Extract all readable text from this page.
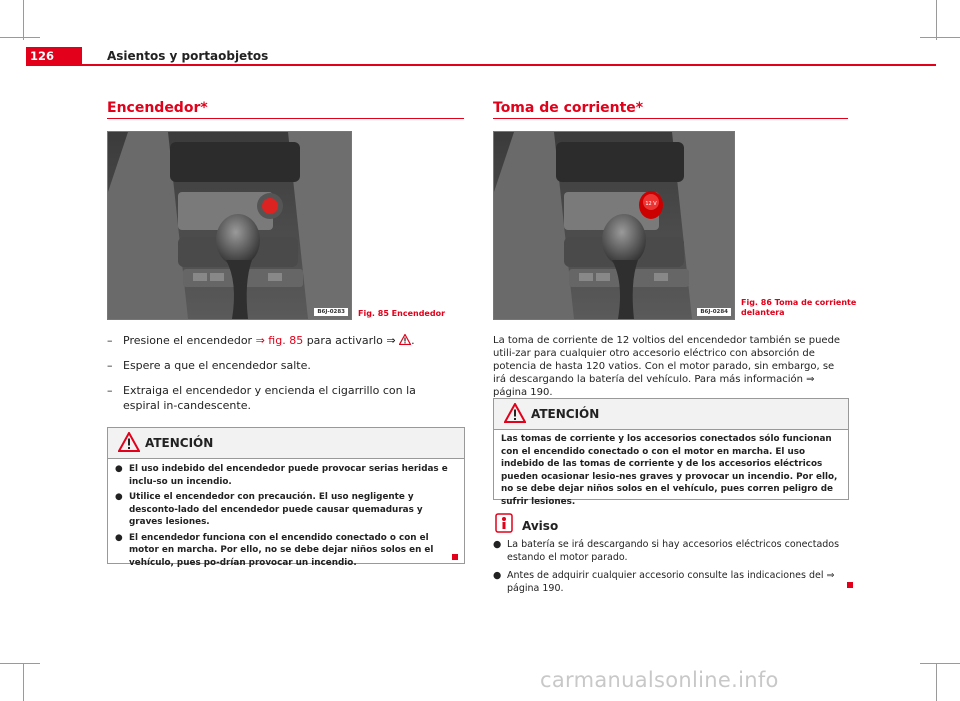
126	Asientos y portaobjetos
Encendedor*
B6J-0283	Fig. 85 Encendedor
– Presione el encendedor ⇒ fig. 85 para activarlo ⇒ .
– Espere a que el encendedor salte.
– Extraiga el encendedor y encienda el cigarrillo con la espiral in-candescente.
ATENCIÓN
● El uso indebido del encendedor puede provocar serias heridas e inclu-so un incendio.
● Utilice el encendedor con precaución. El uso negligente y desconto-lado del encendedor puede causar quemaduras y graves lesiones.
● El encendedor funciona con el encendido conectado o con el motor en marcha. Por ello, no se debe dejar niños solos en el vehículo, pues po-drían provocar un incendio.
Toma de corriente*
12 V
B6J-0284
Fig. 86 Toma de corriente
delantera
La toma de corriente de 12 voltios del encendedor también se puede utili-zar para cualquier otro accesorio eléctrico con absorción de potencia de hasta 120 vatios. Con el motor parado, sin embargo, se irá descargando la batería del vehículo. Para más información ⇒ página 190.
ATENCIÓN
Las tomas de corriente y los accesorios conectados sólo funcionan con el encendido conectado o con el motor en marcha. El uso indebido de las tomas de corriente y de los accesorios eléctricos pueden ocasionar lesio-nes graves y provocar un incendio. Por ello, no se debe dejar niños solos en el vehículo, pues corren peligro de sufrir lesiones.
Aviso
● La batería se irá descargando si hay accesorios eléctricos conectados estando el motor parado.
● Antes de adquirir cualquier accesorio consulte las indicaciones del ⇒ página 190.
carmanualsonline.info
